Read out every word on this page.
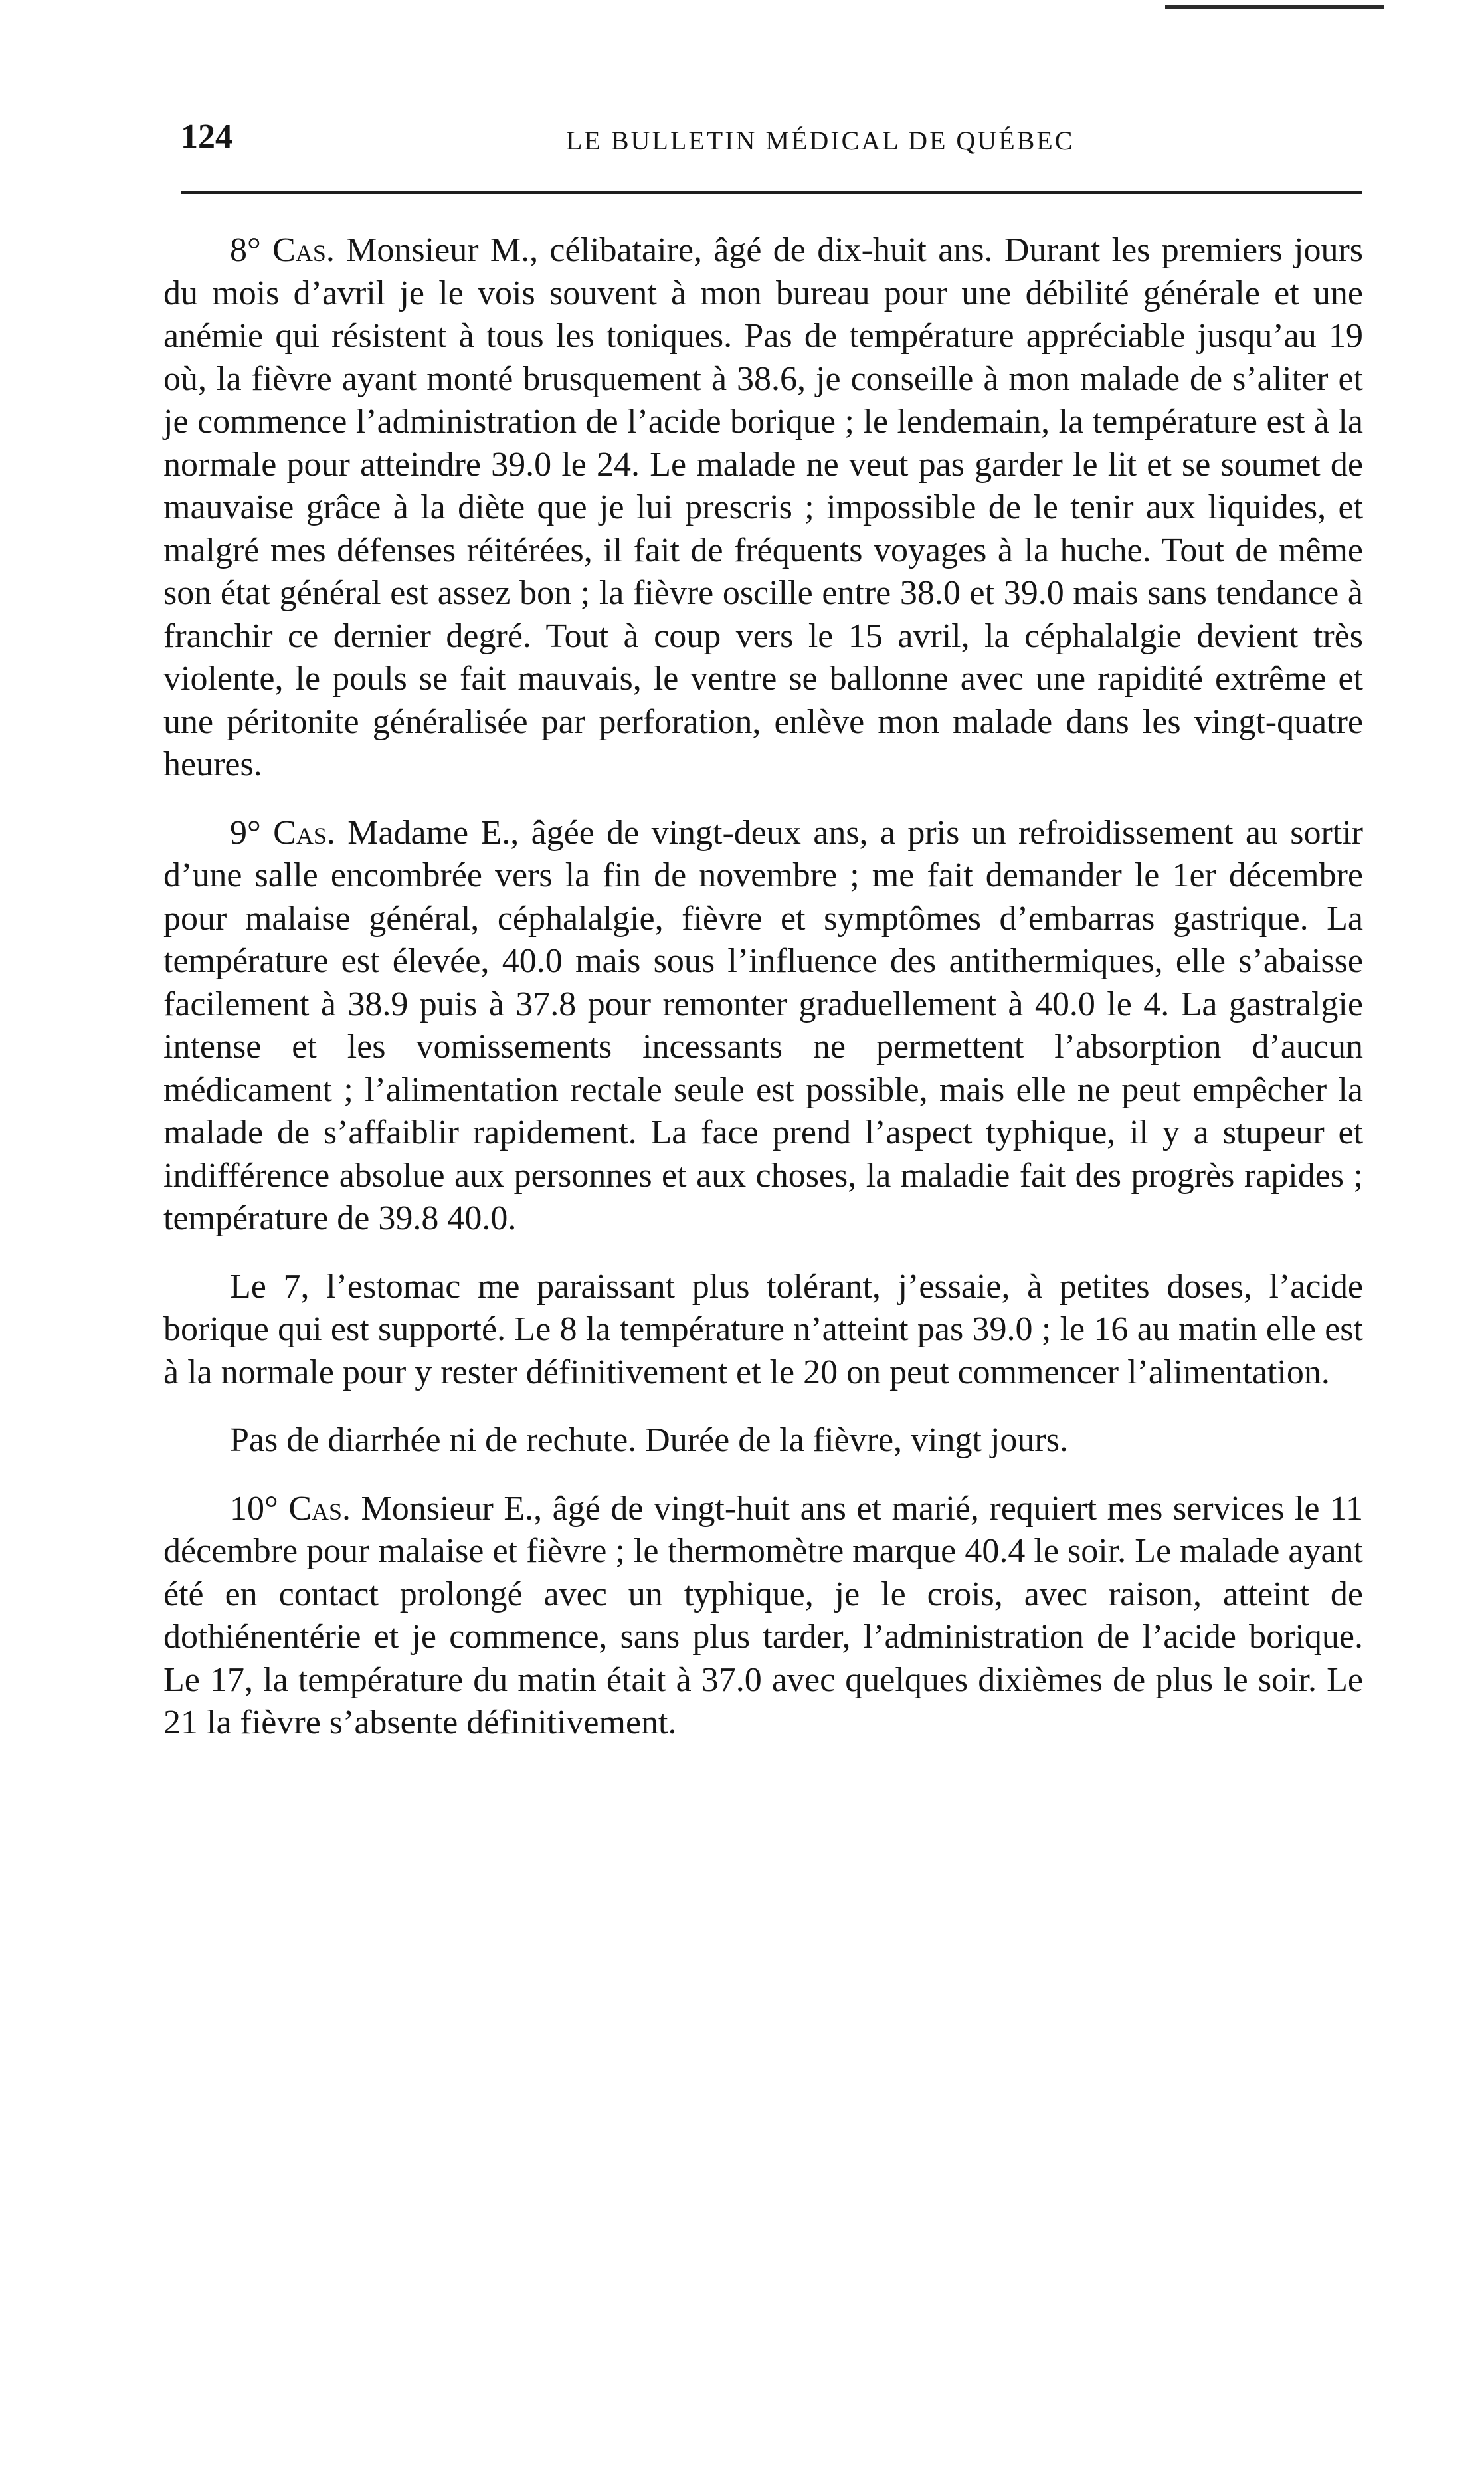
124	LE BULLETIN MÉDICAL DE QUÉBEC

8° Cas. Monsieur M., célibataire, âgé de dix-huit ans. Durant les premiers jours du mois d’avril je le vois souvent à mon bureau pour une débilité générale et une anémie qui résistent à tous les toniques. Pas de température appréciable jusqu’au 19 où, la fièvre ayant monté brusquement à 38.6, je conseille à mon malade de s’aliter et je commence l’administration de l’acide borique ; le lendemain, la température est à la normale pour atteindre 39.0 le 24. Le malade ne veut pas garder le lit et se soumet de mauvaise grâce à la diète que je lui prescris ; impossible de le tenir aux liquides, et malgré mes défenses réitérées, il fait de fréquents voyages à la huche. Tout de même son état général est assez bon ; la fièvre oscille entre 38.0 et 39.0 mais sans tendance à franchir ce dernier degré. Tout à coup vers le 15 avril, la céphalalgie devient très violente, le pouls se fait mauvais, le ventre se ballonne avec une rapidité extrême et une péritonite généralisée par perforation, enlève mon malade dans les vingt-quatre heures.

9° Cas. Madame E., âgée de vingt-deux ans, a pris un refroidissement au sortir d’une salle encombrée vers la fin de novembre ; me fait demander le 1er décembre pour malaise général, céphalalgie, fièvre et symptômes d’embarras gastrique. La température est élevée, 40.0 mais sous l’influence des antithermiques, elle s’abaisse facilement à 38.9 puis à 37.8 pour remonter graduellement à 40.0 le 4. La gastralgie intense et les vomissements incessants ne permettent l’absorption d’aucun médicament ; l’alimentation rectale seule est possible, mais elle ne peut empêcher la malade de s’affaiblir rapidement. La face prend l’aspect typhique, il y a stupeur et indifférence absolue aux personnes et aux choses, la maladie fait des progrès rapides ; température de 39.8 40.0.

Le 7, l’estomac me paraissant plus tolérant, j’essaie, à petites doses, l’acide borique qui est supporté. Le 8 la température n’atteint pas 39.0 ; le 16 au matin elle est à la normale pour y rester définitivement et le 20 on peut commencer l’alimentation.

Pas de diarrhée ni de rechute. Durée de la fièvre, vingt jours.

10° Cas. Monsieur E., âgé de vingt-huit ans et marié, requiert mes services le 11 décembre pour malaise et fièvre ; le thermomètre marque 40.4 le soir. Le malade ayant été en contact prolongé avec un typhique, je le crois, avec raison, atteint de dothiénentérie et je commence, sans plus tarder, l’administration de l’acide borique. Le 17, la température du matin était à 37.0 avec quelques dixièmes de plus le soir. Le 21 la fièvre s’absente définitivement.
